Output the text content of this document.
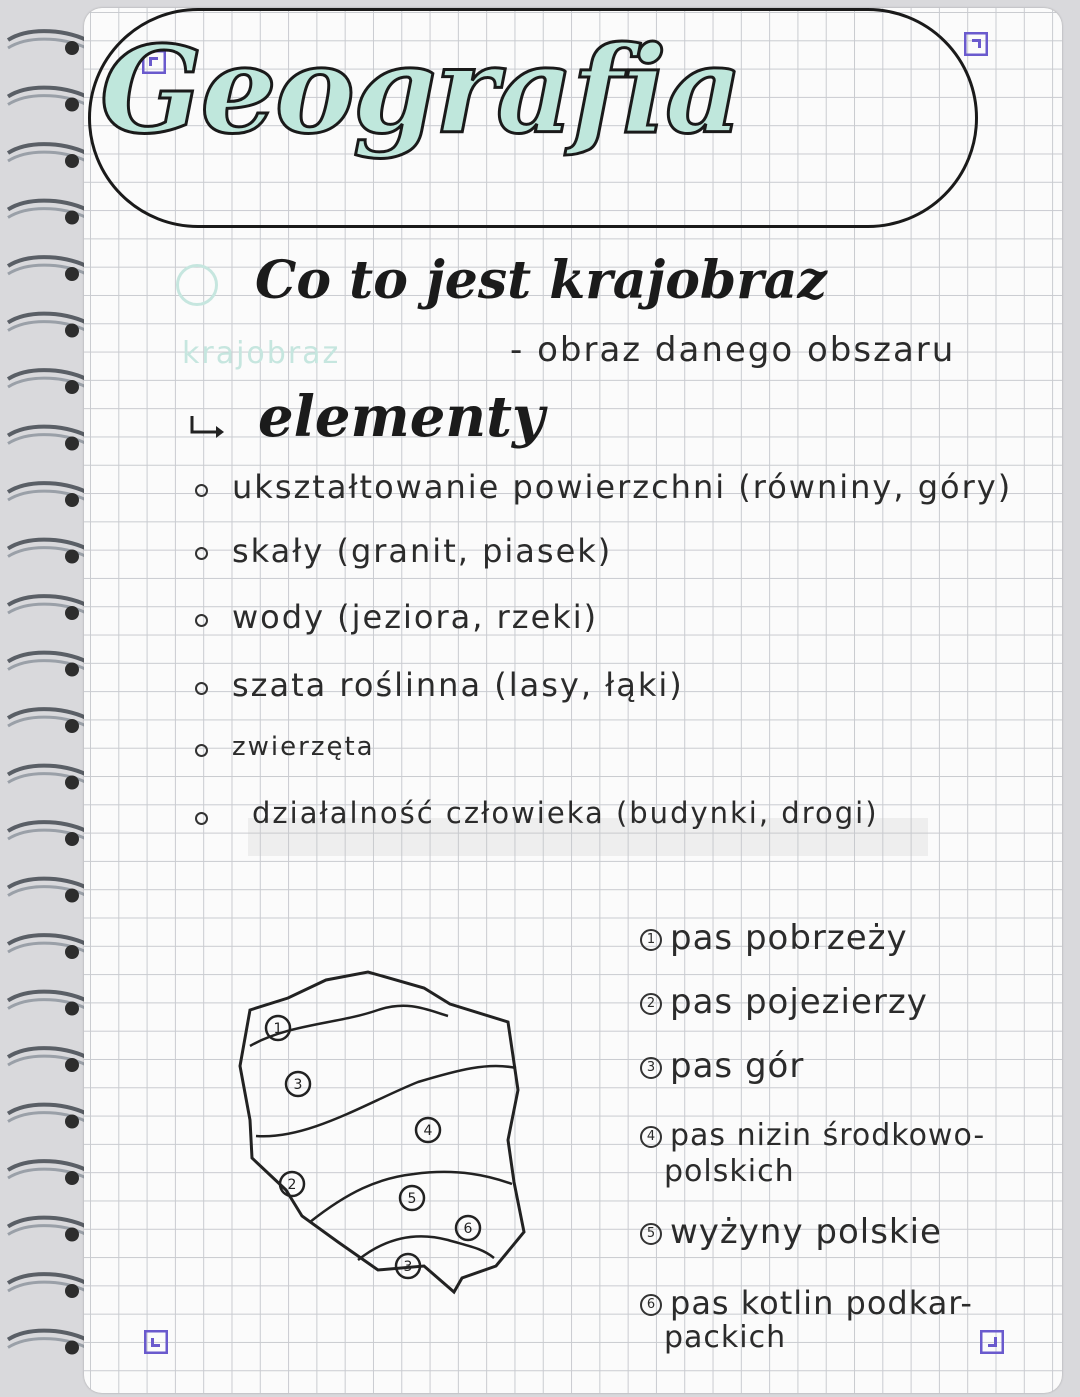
Geografia
Co to jest krajobraz
krajobraz	- obraz danego obszaru
elementy
ukształtowanie powierzchni (równiny, góry)
skały (granit, piasek)
wody (jeziora, rzeki)
szata roślinna (lasy, łąki)
zwierzęta
działalność człowieka (budynki, drogi)
1
3
4
2
5
6
3
1 pas pobrzeży
2 pas pojezierzy
3 pas gór
4 pas nizin środkowo-
polskich
5 wyżyny polskie
6 pas kotlin podkar-
packich
